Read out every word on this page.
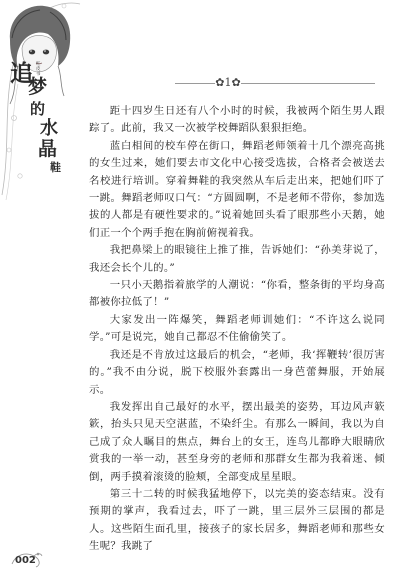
红皮书
追
梦
的
水
晶
鞋
✿1✿

距十四岁生日还有八个小时的时候，我被两个陌生男人跟踪了。此前，我又一次被学校舞蹈队狠狠拒绝。

蓝白相间的校车停在街口，舞蹈老师领着十几个漂亮高挑的女生过来，她们要去市文化中心接受选拔，合格者会被送去名校进行培训。穿着舞鞋的我突然从车后走出来，把她们吓了一跳。舞蹈老师叹口气：“方圆圆啊，不是老师不带你，参加选拔的人都是有硬性要求的。”说着她回头看了眼那些小天鹅，她们正一个个两手抱在胸前俯视着我。

我把鼻梁上的眼镜往上推了推，告诉她们：“孙美芽说了，我还会长个儿的。”

一只小天鹅指着旅学的人潮说：“你看，整条街的平均身高都被你拉低了！”

大家发出一阵爆笑，舞蹈老师训她们：“不许这么说同学。”可是说完，她自己都忍不住偷偷笑了。

我还是不肯放过这最后的机会，“老师，我‘挥鞭转’很厉害的。”我不由分说，脱下校服外套露出一身芭蕾舞服，开始展示。

我发挥出自己最好的水平，摆出最美的姿势，耳边风声簌簌，抬头只见天空湛蓝，不染纤尘。有那么一瞬间，我以为自己成了众人瞩目的焦点，舞台上的女王，连鸟儿都睁大眼睛欣赏我的一举一动，甚至身旁的老师和那群女生都为我着迷、倾倒，两手摸着滚烫的脸颊，全部变成星星眼。

第三十二转的时候我猛地停下，以完美的姿态结束。没有预期的掌声，我看过去，吓了一跳，里三层外三层围的都是人。这些陌生面孔里，接孩子的家长居多，舞蹈老师和那些女生呢？我跳了

002
